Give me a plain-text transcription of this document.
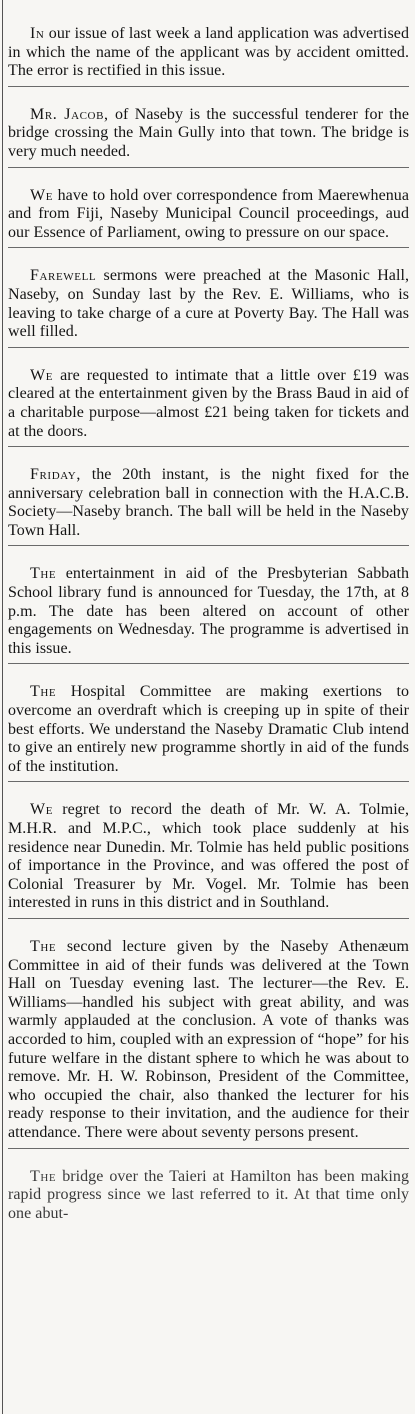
In our issue of last week a land application was advertised in which the name of the applicant was by accident omitted. The error is rectified in this issue.

Mr. Jacob, of Naseby is the successful tenderer for the bridge crossing the Main Gully into that town. The bridge is very much needed.

We have to hold over correspondence from Maerewhenua and from Fiji, Naseby Municipal Council proceedings, aud our Essence of Parliament, owing to pressure on our space.

Farewell sermons were preached at the Masonic Hall, Naseby, on Sunday last by the Rev. E. Williams, who is leaving to take charge of a cure at Poverty Bay. The Hall was well filled.

We are requested to intimate that a little over £19 was cleared at the entertainment given by the Brass Baud in aid of a charitable purpose—almost £21 being taken for tickets and at the doors.

Friday, the 20th instant, is the night fixed for the anniversary celebration ball in connection with the H.A.C.B. Society—Naseby branch. The ball will be held in the Naseby Town Hall.

The entertainment in aid of the Presbyterian Sabbath School library fund is announced for Tuesday, the 17th, at 8 p.m. The date has been altered on account of other engagements on Wednesday. The programme is advertised in this issue.

The Hospital Committee are making exertions to overcome an overdraft which is creeping up in spite of their best efforts. We understand the Naseby Dramatic Club intend to give an entirely new programme shortly in aid of the funds of the institution.

We regret to record the death of Mr. W. A. Tolmie, M.H.R. and M.P.C., which took place suddenly at his residence near Dunedin. Mr. Tolmie has held public positions of importance in the Province, and was offered the post of Colonial Treasurer by Mr. Vogel. Mr. Tolmie has been interested in runs in this district and in Southland.

The second lecture given by the Naseby Athenæum Committee in aid of their funds was delivered at the Town Hall on Tuesday evening last. The lecturer—the Rev. E. Williams—handled his subject with great ability, and was warmly applauded at the conclusion. A vote of thanks was accorded to him, coupled with an expression of “hope” for his future welfare in the distant sphere to which he was about to remove. Mr. H. W. Robinson, President of the Committee, who occupied the chair, also thanked the lecturer for his ready response to their invitation, and the audience for their attendance. There were about seventy persons present.

The bridge over the Taieri at Hamilton has been making rapid progress since we last referred to it. At that time only one abut-
